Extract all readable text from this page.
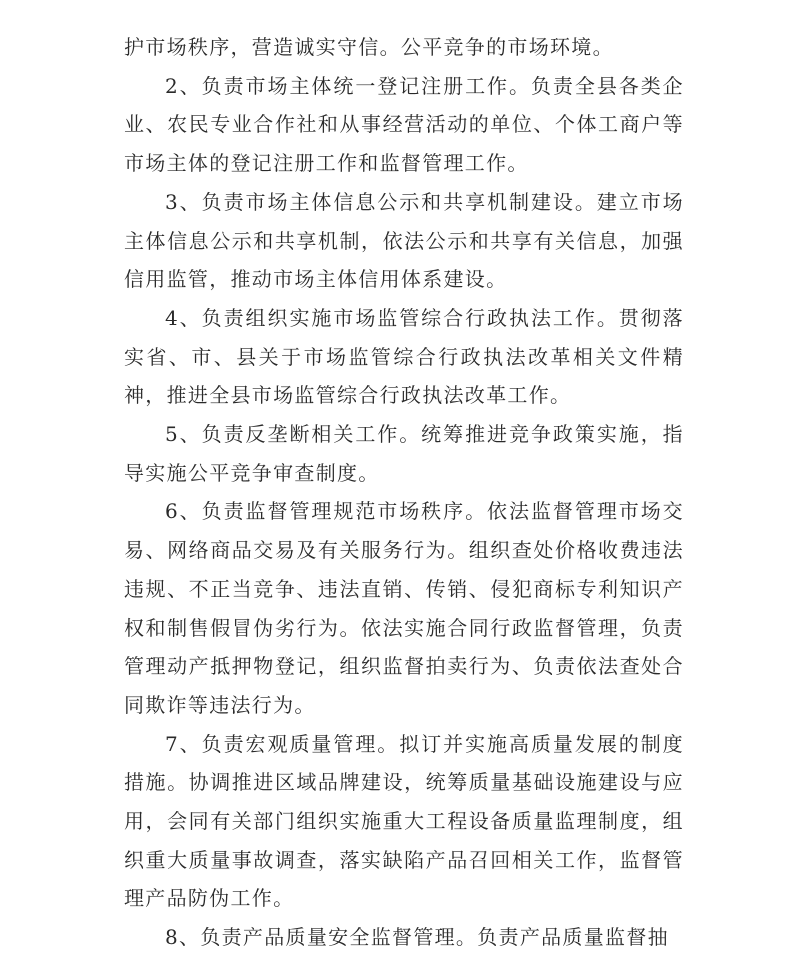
护市场秩序，营造诚实守信。公平竞争的市场环境。

2、负责市场主体统一登记注册工作。负责全县各类企业、农民专业合作社和从事经营活动的单位、个体工商户等市场主体的登记注册工作和监督管理工作。

3、负责市场主体信息公示和共享机制建设。建立市场主体信息公示和共享机制，依法公示和共享有关信息，加强信用监管，推动市场主体信用体系建设。

4、负责组织实施市场监管综合行政执法工作。贯彻落实省、市、县关于市场监管综合行政执法改革相关文件精神，推进全县市场监管综合行政执法改革工作。

5、负责反垄断相关工作。统筹推进竞争政策实施，指导实施公平竞争审查制度。

6、负责监督管理规范市场秩序。依法监督管理市场交易、网络商品交易及有关服务行为。组织查处价格收费违法违规、不正当竞争、违法直销、传销、侵犯商标专利知识产权和制售假冒伪劣行为。依法实施合同行政监督管理，负责管理动产抵押物登记，组织监督拍卖行为、负责依法查处合同欺诈等违法行为。

7、负责宏观质量管理。拟订并实施高质量发展的制度措施。协调推进区域品牌建设，统筹质量基础设施建设与应用，会同有关部门组织实施重大工程设备质量监理制度，组织重大质量事故调查，落实缺陷产品召回相关工作，监督管理产品防伪工作。

8、负责产品质量安全监督管理。负责产品质量监督抽
